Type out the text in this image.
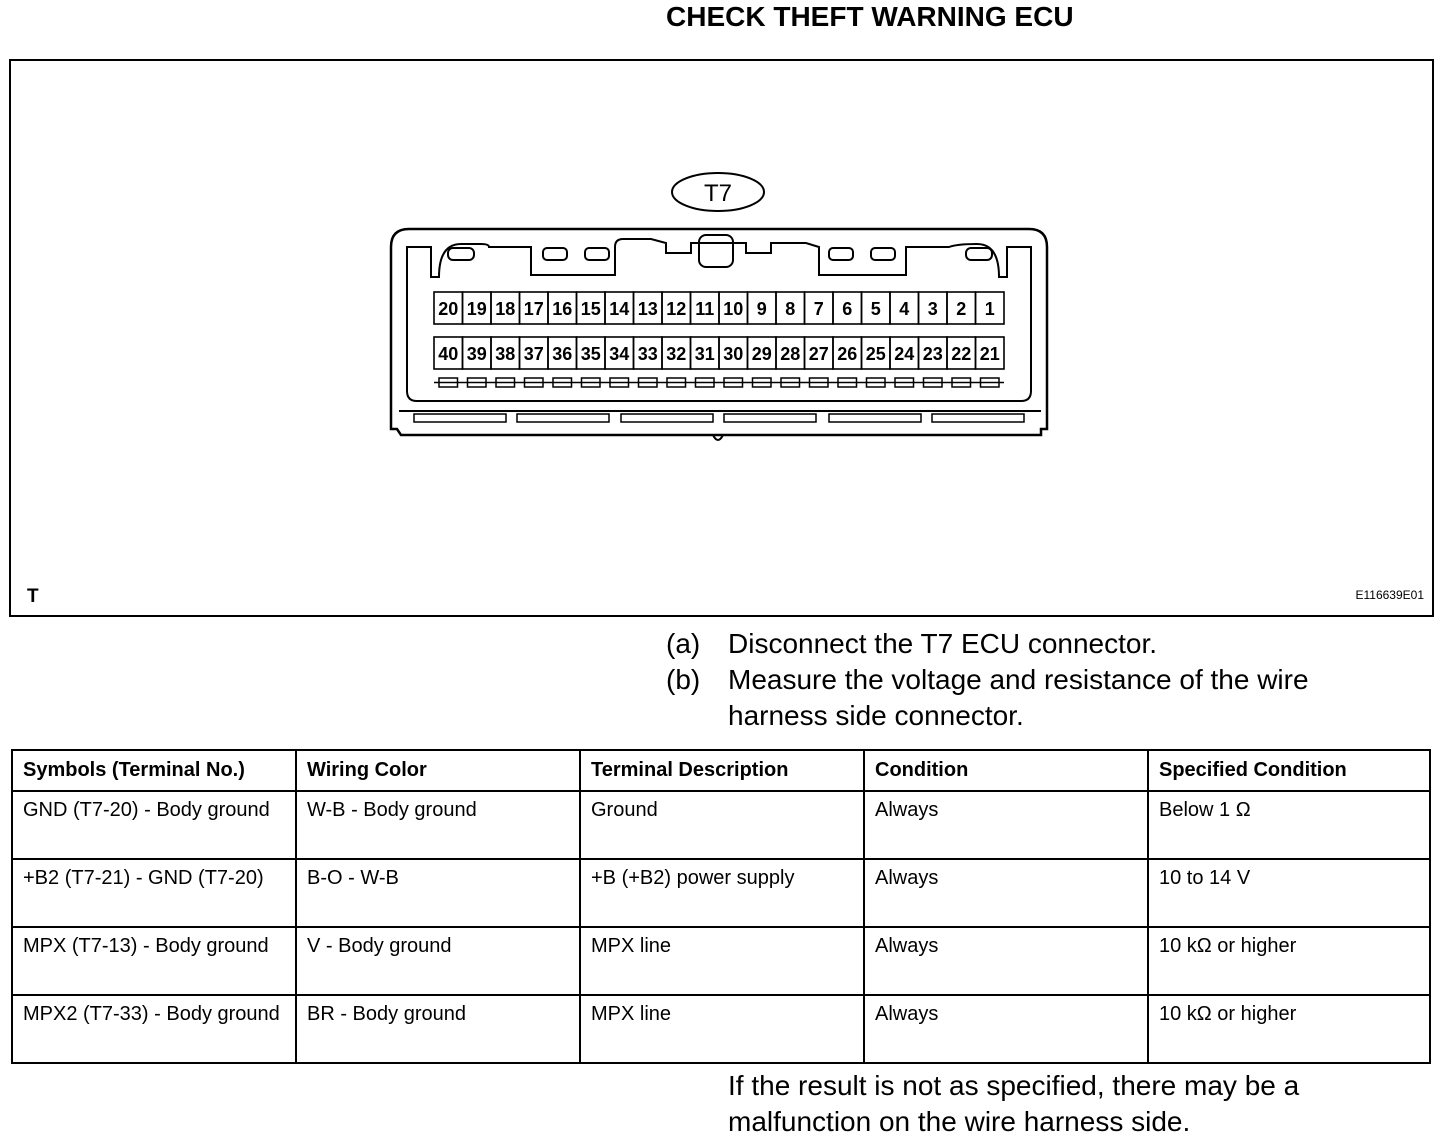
CHECK THEFT WARNING ECU
T7
20 19 18 17 16 15 14 13 12 11 10 9 8 7 6 5 4 3 2 1
40 39 38 37 36 35 34 33 32 31 30 29 28 27 26 25 24 23 22 21
T	E116639E01
(a) Disconnect the T7 ECU connector.
(b) Measure the voltage and resistance of the wire harness side connector.
Symbols (Terminal No.)	Wiring Color	Terminal Description	Condition	Specified Condition
GND (T7-20) - Body ground	W-B - Body ground	Ground	Always	Below 1 Ω
+B2 (T7-21) - GND (T7-20)	B-O - W-B	+B (+B2) power supply	Always	10 to 14 V
MPX (T7-13) - Body ground	V - Body ground	MPX line	Always	10 kΩ or higher
MPX2 (T7-33) - Body ground	BR - Body ground	MPX line	Always	10 kΩ or higher
If the result is not as specified, there may be a malfunction on the wire harness side.
